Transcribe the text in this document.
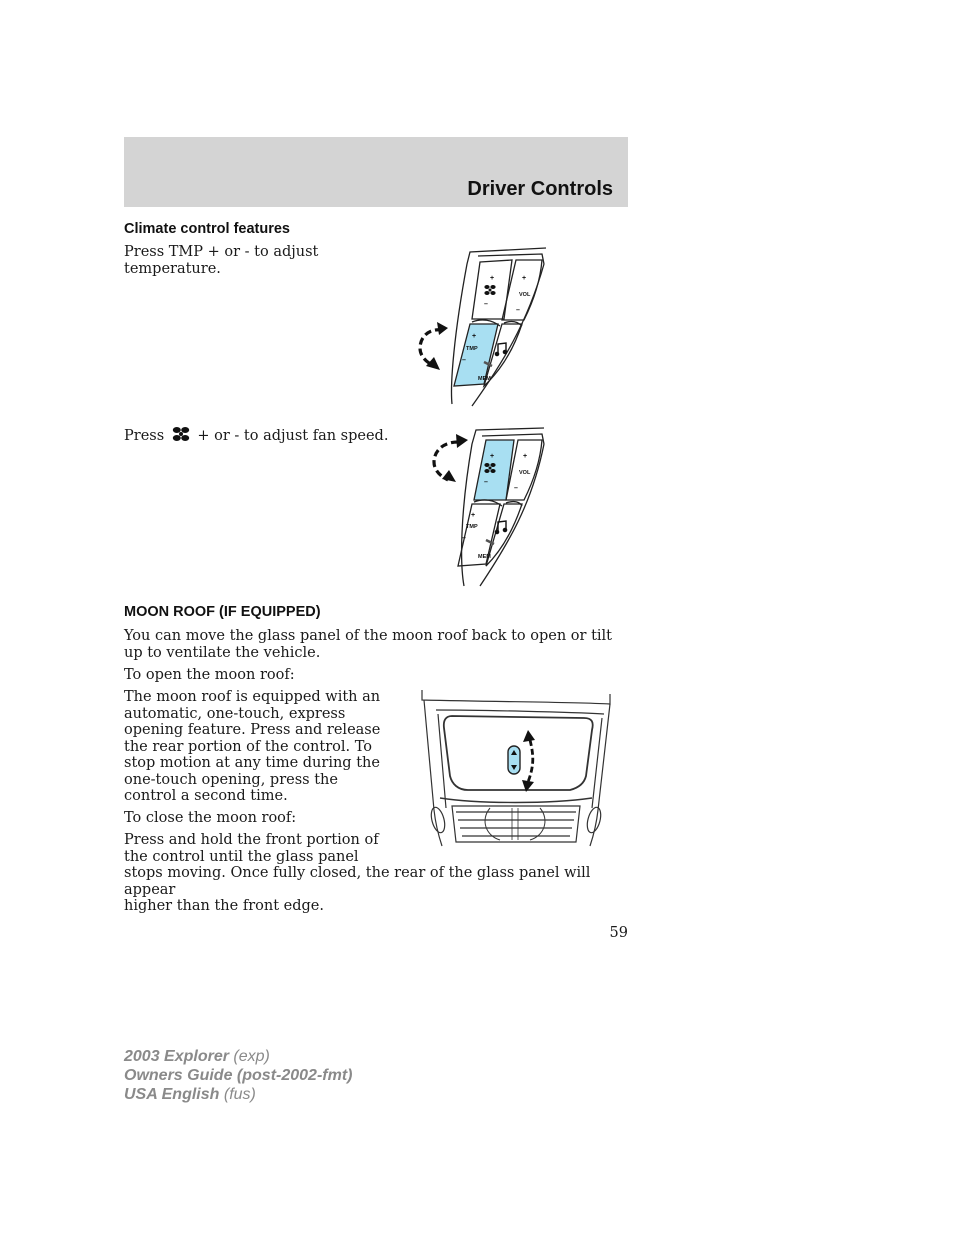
Driver Controls
Climate control features

Press TMP + or - to adjust temperature.

+	+
VOL
–
–
+
TMP
–
MEM

Press + or - to adjust fan speed.

+	+
VOL
–
–
+
TMP
–
MEM
MOON ROOF (IF EQUIPPED)

You can move the glass panel of the moon roof back to open or tilt up to ventilate the vehicle.

To open the moon roof:

The moon roof is equipped with an automatic, one-touch, express opening feature. Press and release the rear portion of the control. To stop motion at any time during the one-touch opening, press the control a second time.

To close the moon roof:

Press and hold the front portion of
the control until the glass panel
stops moving. Once fully closed, the rear of the glass panel will appear
higher than the front edge.

59
2003 Explorer (exp)
Owners Guide (post-2002-fmt)
USA English (fus)
